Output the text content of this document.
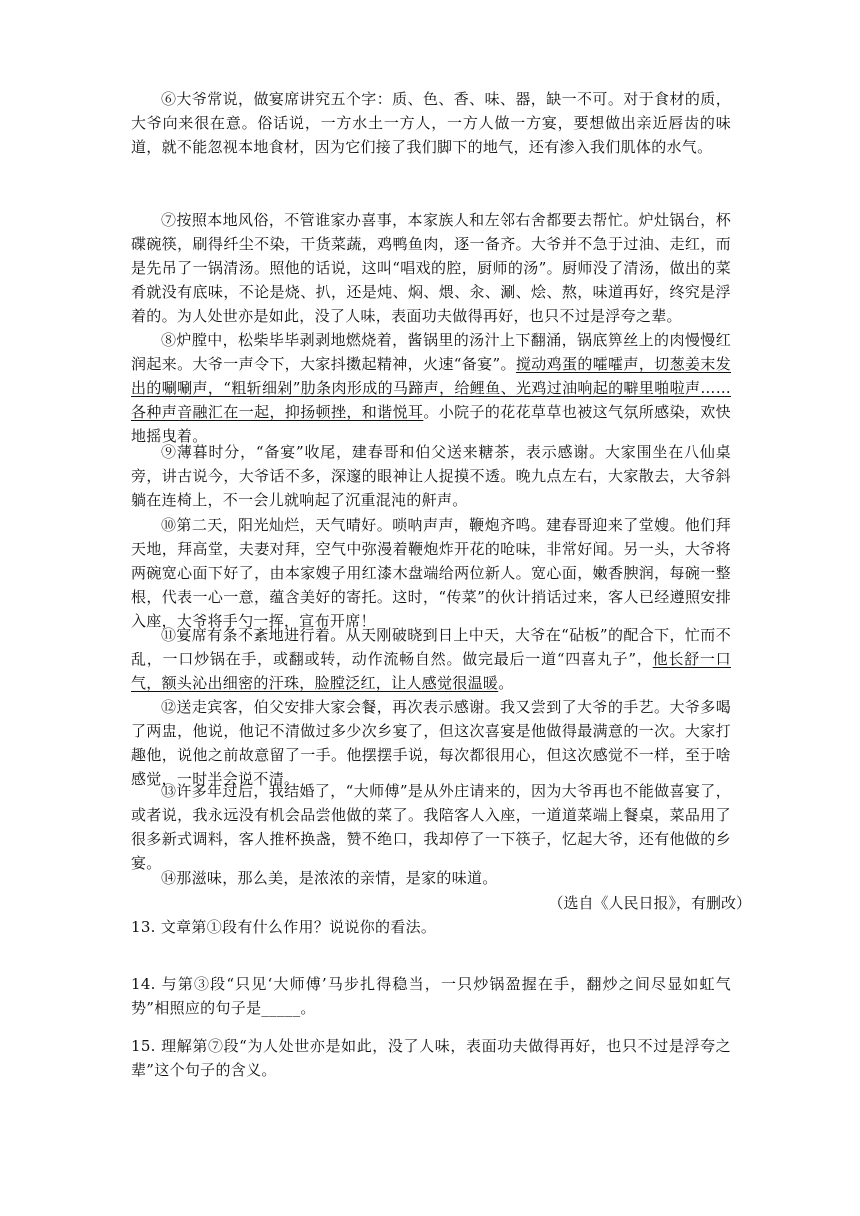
⑥大爷常说，做宴席讲究五个字：质、色、香、味、器，缺一不可。对于食材的质，大爷向来很在意。俗话说，一方水土一方人，一方人做一方宴，要想做出亲近唇齿的味道，就不能忽视本地食材，因为它们接了我们脚下的地气，还有渗入我们肌体的水气。

⑦按照本地风俗，不管谁家办喜事，本家族人和左邻右舍都要去帮忙。炉灶锅台，杯碟碗筷，刷得纤尘不染，干货菜蔬，鸡鸭鱼肉，逐一备齐。大爷并不急于过油、走红，而是先吊了一锅清汤。照他的话说，这叫“唱戏的腔，厨师的汤”。厨师没了清汤，做出的菜肴就没有底味，不论是烧、扒，还是炖、焖、煨、汆、涮、烩、熬，味道再好，终究是浮着的。为人处世亦是如此，没了人味，表面功夫做得再好，也只不过是浮夸之辈。

⑧炉膛中，松柴毕毕剥剥地燃烧着，酱锅里的汤汁上下翻涌，锅底箅丝上的肉慢慢红润起来。大爷一声令下，大家抖擞起精神，火速“备宴”。搅动鸡蛋的嚯嚯声，切葱姜末发出的唰唰声，“粗斩细剁”肋条肉形成的马蹄声，给鲤鱼、光鸡过油响起的噼里啪啦声……各种声音融汇在一起，抑扬顿挫，和谐悦耳。小院子的花花草草也被这气氛所感染，欢快地摇曳着。

⑨薄暮时分，“备宴”收尾，建春哥和伯父送来糖茶，表示感谢。大家围坐在八仙桌旁，讲古说今，大爷话不多，深邃的眼神让人捉摸不透。晚九点左右，大家散去，大爷斜躺在连椅上，不一会儿就响起了沉重混沌的鼾声。

⑩第二天，阳光灿烂，天气晴好。唢呐声声，鞭炮齐鸣。建春哥迎来了堂嫂。他们拜天地，拜高堂，夫妻对拜，空气中弥漫着鞭炮炸开花的呛味，非常好闻。另一头，大爷将两碗宽心面下好了，由本家嫂子用红漆木盘端给两位新人。宽心面，嫩香腴润，每碗一整根，代表一心一意，蕴含美好的寄托。这时，“传菜”的伙计捎话过来，客人已经遵照安排入座，大爷将手勺一挥，宣布开席！

⑪宴席有条不紊地进行着。从天刚破晓到日上中天，大爷在“砧板”的配合下，忙而不乱，一口炒锅在手，或翻或转，动作流畅自然。做完最后一道“四喜丸子”，他长舒一口气，额头沁出细密的汗珠，脸膛泛红，让人感觉很温暖。

⑫送走宾客，伯父安排大家会餐，再次表示感谢。我又尝到了大爷的手艺。大爷多喝了两盅，他说，他记不清做过多少次乡宴了，但这次喜宴是他做得最满意的一次。大家打趣他，说他之前故意留了一手。他摆摆手说，每次都很用心，但这次感觉不一样，至于啥感觉，一时半会说不清。

⑬许多年过后，我结婚了，“大师傅”是从外庄请来的，因为大爷再也不能做喜宴了，或者说，我永远没有机会品尝他做的菜了。我陪客人入座，一道道菜端上餐桌，菜品用了很多新式调料，客人推杯换盏，赞不绝口，我却停了一下筷子，忆起大爷，还有他做的乡宴。

⑭那滋味，那么美，是浓浓的亲情，是家的味道。

（选自《人民日报》，有删改）
13. 文章第①段有什么作用？说说你的看法。
14. 与第③段“只见‘大师傅’马步扎得稳当，一只炒锅盈握在手，翻炒之间尽显如虹气势”相照应的句子是_____。
15. 理解第⑦段“为人处世亦是如此，没了人味，表面功夫做得再好，也只不过是浮夸之辈”这个句子的含义。
